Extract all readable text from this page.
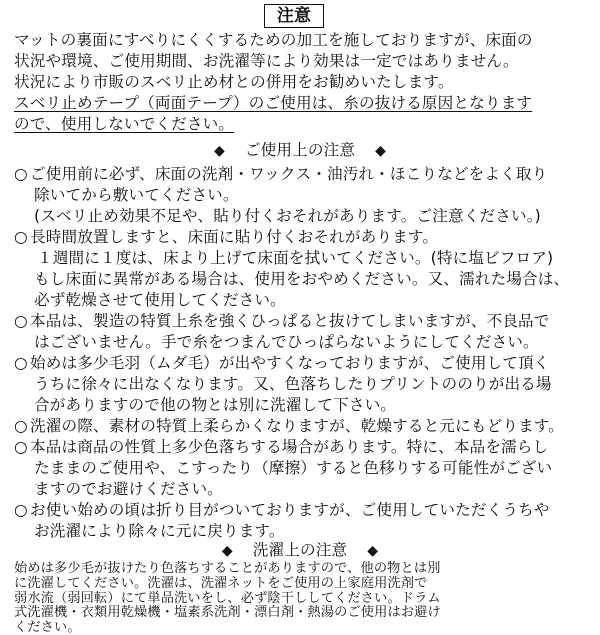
注意
マットの裏面にすべりにくくするための加工を施しておりますが、床面の
状況や環境、ご使用期間、お洗濯等により効果は一定ではありません。
状況により市販のスベリ止め材との併用をお勧めいたします。
スベリ止めテープ（両面テープ）のご使用は、糸の抜ける原因となります
ので、使用しないでください。
◆ ご使用上の注意 ◆
○ ご使用前に必ず、床面の洗剤・ワックス・油汚れ・ほこりなどをよく取り
除いてから敷いてください。
(スベリ止め効果不足や、貼り付くおそれがあります。ご注意ください。)
○ 長時間放置しますと、床面に貼り付くおそれがあります。
１週間に１度は、床より上げて床面を拭いてください。(特に塩ビフロア)
もし床面に異常がある場合は、使用をおやめください。又、濡れた場合は、
必ず乾燥させて使用してください。
○ 本品は、製造の特質上糸を強くひっぱると抜けてしまいますが、不良品で
はございません。手で糸をつまんでひっぱらないようにしてください。
○ 始めは多少毛羽（ムダ毛）が出やすくなっておりますが、ご使用して頂く
うちに徐々に出なくなります。又、色落ちしたりプリントののりが出る場
合がありますので他の物とは別に洗濯して下さい。
○ 洗濯の際、素材の特質上柔らかくなりますが、乾燥すると元にもどります。
○ 本品は商品の性質上多少色落ちする場合があります。特に、本品を濡らし
たままのご使用や、こすったり（摩擦）すると色移りする可能性がござい
ますのでお避けください。
○ お使い始めの頃は折り目がついておりますが、ご使用していただくうちや
お洗濯により除々に元に戻ります。
◆ 洗濯上の注意 ◆
始めは多少毛が抜けたり色落ちすることがありますので、他の物とは別
に洗濯してください。洗濯は、洗濯ネットをご使用の上家庭用洗剤で
弱水流（弱回転）にて単品洗いをし、必ず陰干ししてください。ドラム
式洗濯機・衣類用乾燥機・塩素系洗剤・漂白剤・熱湯のご使用はお避け
ください。
